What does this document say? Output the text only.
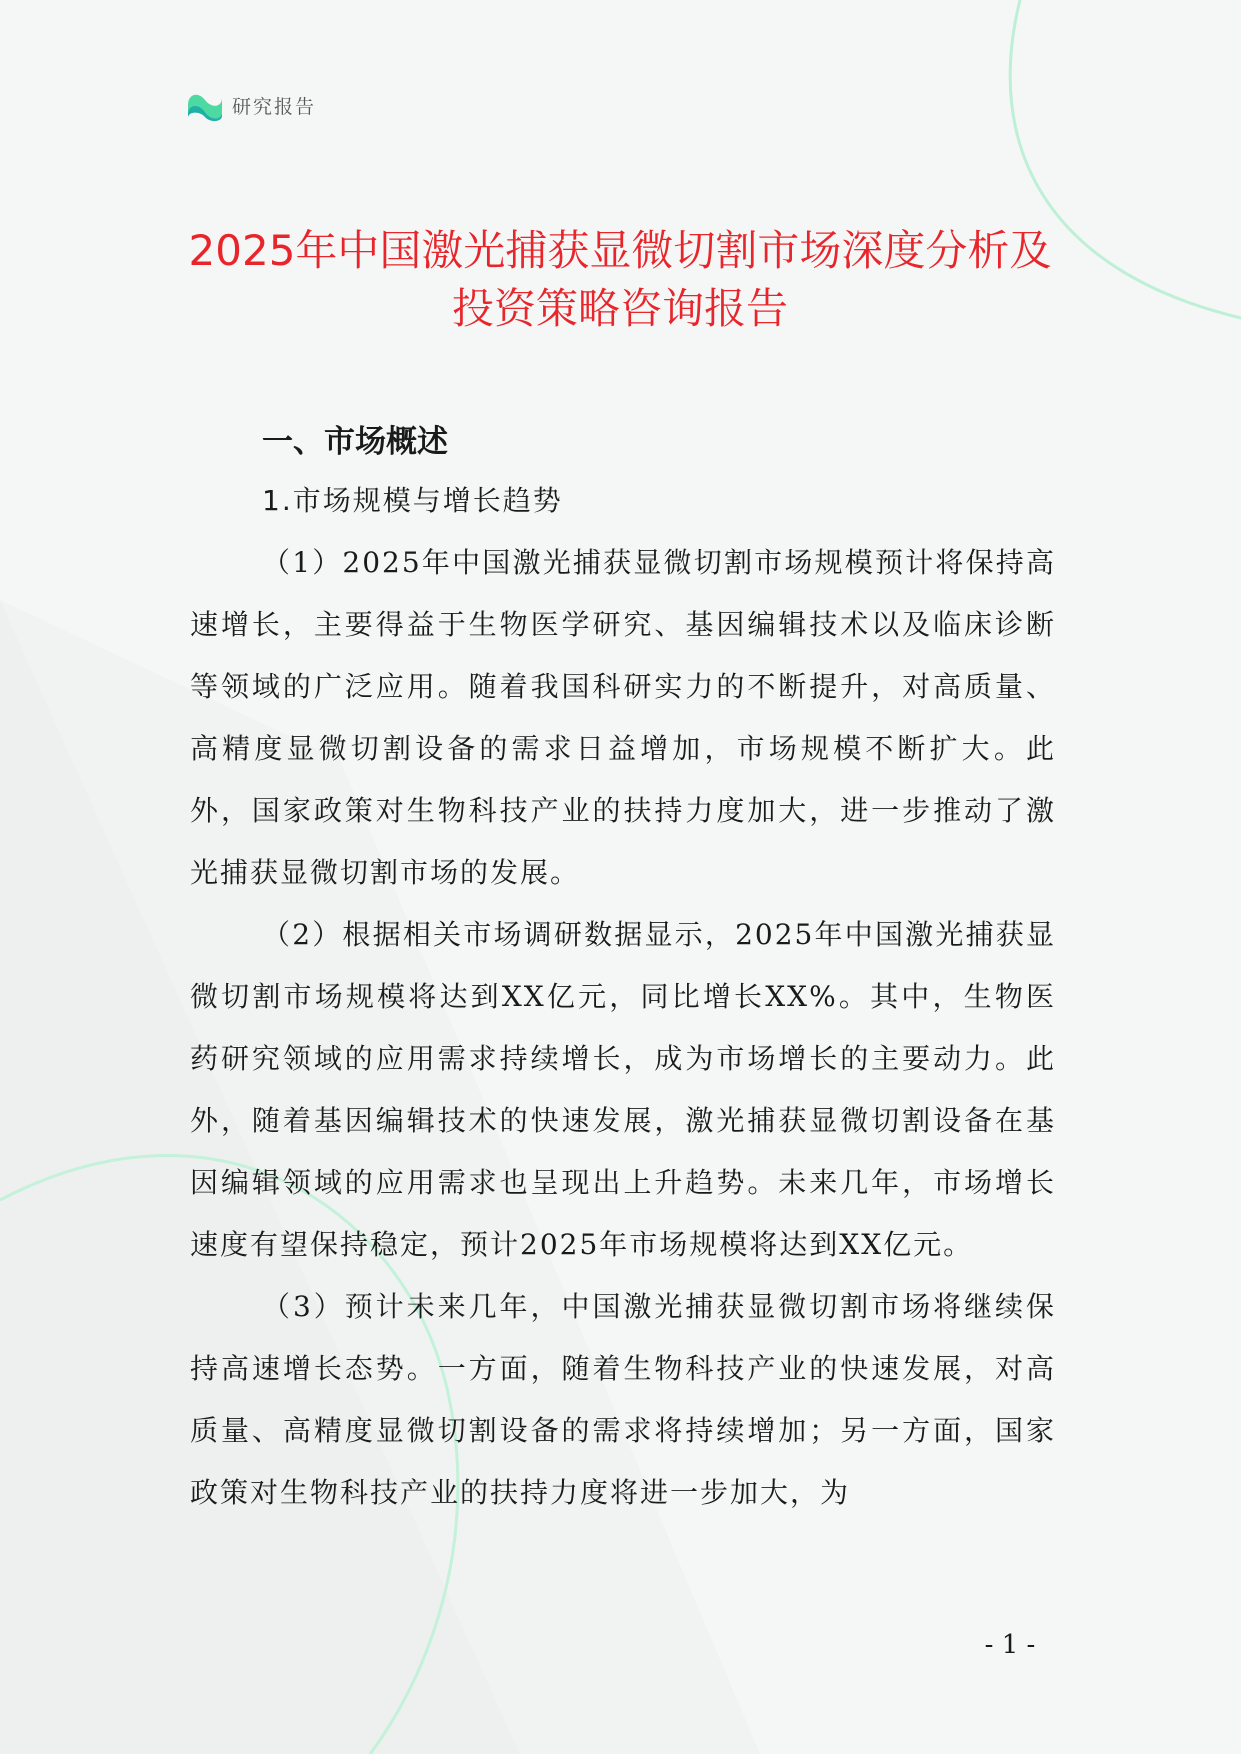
研究报告
2025年中国激光捕获显微切割市场深度分析及投资策略咨询报告
一、市场概述
1.市场规模与增长趋势

（1）2025年中国激光捕获显微切割市场规模预计将保持高速增长，主要得益于生物医学研究、基因编辑技术以及临床诊断等领域的广泛应用。随着我国科研实力的不断提升，对高质量、高精度显微切割设备的需求日益增加，市场规模不断扩大。此外，国家政策对生物科技产业的扶持力度加大，进一步推动了激光捕获显微切割市场的发展。

（2）根据相关市场调研数据显示，2025年中国激光捕获显微切割市场规模将达到XX亿元，同比增长XX%。其中，生物医药研究领域的应用需求持续增长，成为市场增长的主要动力。此外，随着基因编辑技术的快速发展，激光捕获显微切割设备在基因编辑领域的应用需求也呈现出上升趋势。未来几年，市场增长速度有望保持稳定，预计2025年市场规模将达到XX亿元。

（3）预计未来几年，中国激光捕获显微切割市场将继续保持高速增长态势。一方面，随着生物科技产业的快速发展，对高质量、高精度显微切割设备的需求将持续增加；另一方面，国家政策对生物科技产业的扶持力度将进一步加大，为

- 1 -
